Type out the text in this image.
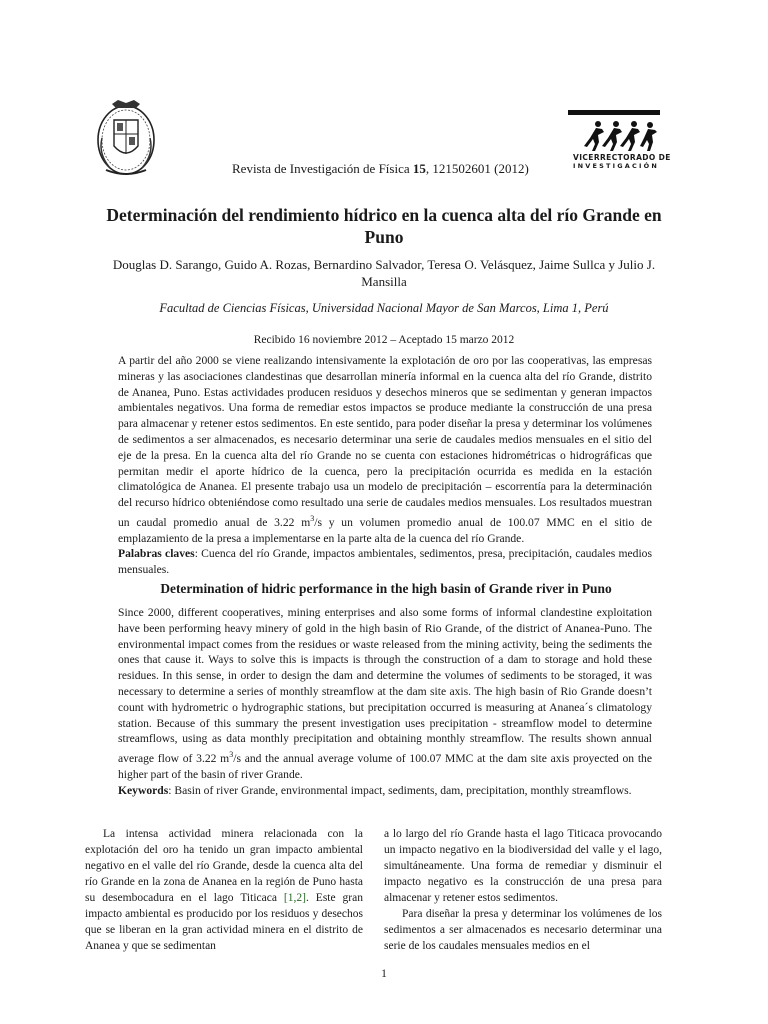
Revista de Investigación de Física 15, 121502601 (2012)
VICERRECTORADO DE
INVESTIGACIÓN
Determinación del rendimiento hídrico en la cuenca alta del río Grande en Puno
Douglas D. Sarango, Guido A. Rozas, Bernardino Salvador, Teresa O. Velásquez, Jaime Sullca y Julio J. Mansilla
Facultad de Ciencias Físicas, Universidad Nacional Mayor de San Marcos, Lima 1, Perú
Recibido 16 noviembre 2012 – Aceptado 15 marzo 2012
A partir del año 2000 se viene realizando intensivamente la explotación de oro por las cooperativas, las empresas mineras y las asociaciones clandestinas que desarrollan minería informal en la cuenca alta del río Grande, distrito de Ananea, Puno. Estas actividades producen residuos y desechos mineros que se sedimentan y generan impactos ambientales negativos. Una forma de remediar estos impactos se produce mediante la construcción de una presa para almacenar y retener estos sedimentos. En este sentido, para poder diseñar la presa y determinar los volúmenes de sedimentos a ser almacenados, es necesario determinar una serie de caudales medios mensuales en el sitio del eje de la presa. En la cuenca alta del río Grande no se cuenta con estaciones hidrométricas o hidrográficas que permitan medir el aporte hídrico de la cuenca, pero la precipitación ocurrida es medida en la estación climatológica de Ananea. El presente trabajo usa un modelo de precipitación – escorrentía para la determinación del recurso hídrico obteniéndose como resultado una serie de caudales medios mensuales. Los resultados muestran un caudal promedio anual de 3.22 $m^3/s$ y un volumen promedio anual de 100.07 MMC en el sitio de emplazamiento de la presa a implementarse en la parte alta de la cuenca del río Grande.
Palabras claves: Cuenca del río Grande, impactos ambientales, sedimentos, presa, precipitación, caudales medios mensuales.
Determination of hidric performance in the high basin of Grande river in Puno
Since 2000, different cooperatives, mining enterprises and also some forms of informal clandestine exploitation have been performing heavy minery of gold in the high basin of Rio Grande, of the district of Ananea-Puno. The environmental impact comes from the residues or waste released from the mining activity, being the sediments the ones that cause it. Ways to solve this is impacts is through the construction of a dam to storage and hold these residues. In this sense, in order to design the dam and determine the volumes of sediments to be storaged, it was necessary to determine a series of monthly streamflow at the dam site axis. The high basin of Rio Grande doesn’t count with hydrometric o hydrographic stations, but precipitation occurred is measuring at Ananea´s climatology station. Because of this summary the present investigation uses precipitation - streamflow model to determine streamflows, using as data monthly precipitation and obtaining monthly streamflow. The results shown annual average flow of 3.22 $m^3/s$ and the annual average volume of 100.07 MMC at the dam site axis proyected on the higher part of the basin of river Grande.
Keywords: Basin of river Grande, environmental impact, sediments, dam, precipitation, monthly streamflows.

La intensa actividad minera relacionada con la explotación del oro ha tenido un gran impacto ambiental negativo en el valle del río Grande, desde la cuenca alta del río Grande en la zona de Ananea en la región de Puno hasta su desembocadura en el lago Titicaca [1,2]. Este gran impacto ambiental es producido por los residuos y desechos que se liberan en la gran actividad minera en el distrito de Ananea y que se sedimentan

a lo largo del río Grande hasta el lago Titicaca provocando un impacto negativo en la biodiversidad del valle y el lago, simultáneamente. Una forma de remediar y disminuir el impacto negativo es la construcción de una presa para almacenar y retener estos sedimentos.

Para diseñar la presa y determinar los volúmenes de los sedimentos a ser almacenados es necesario determinar una serie de los caudales mensuales medios en el

1
